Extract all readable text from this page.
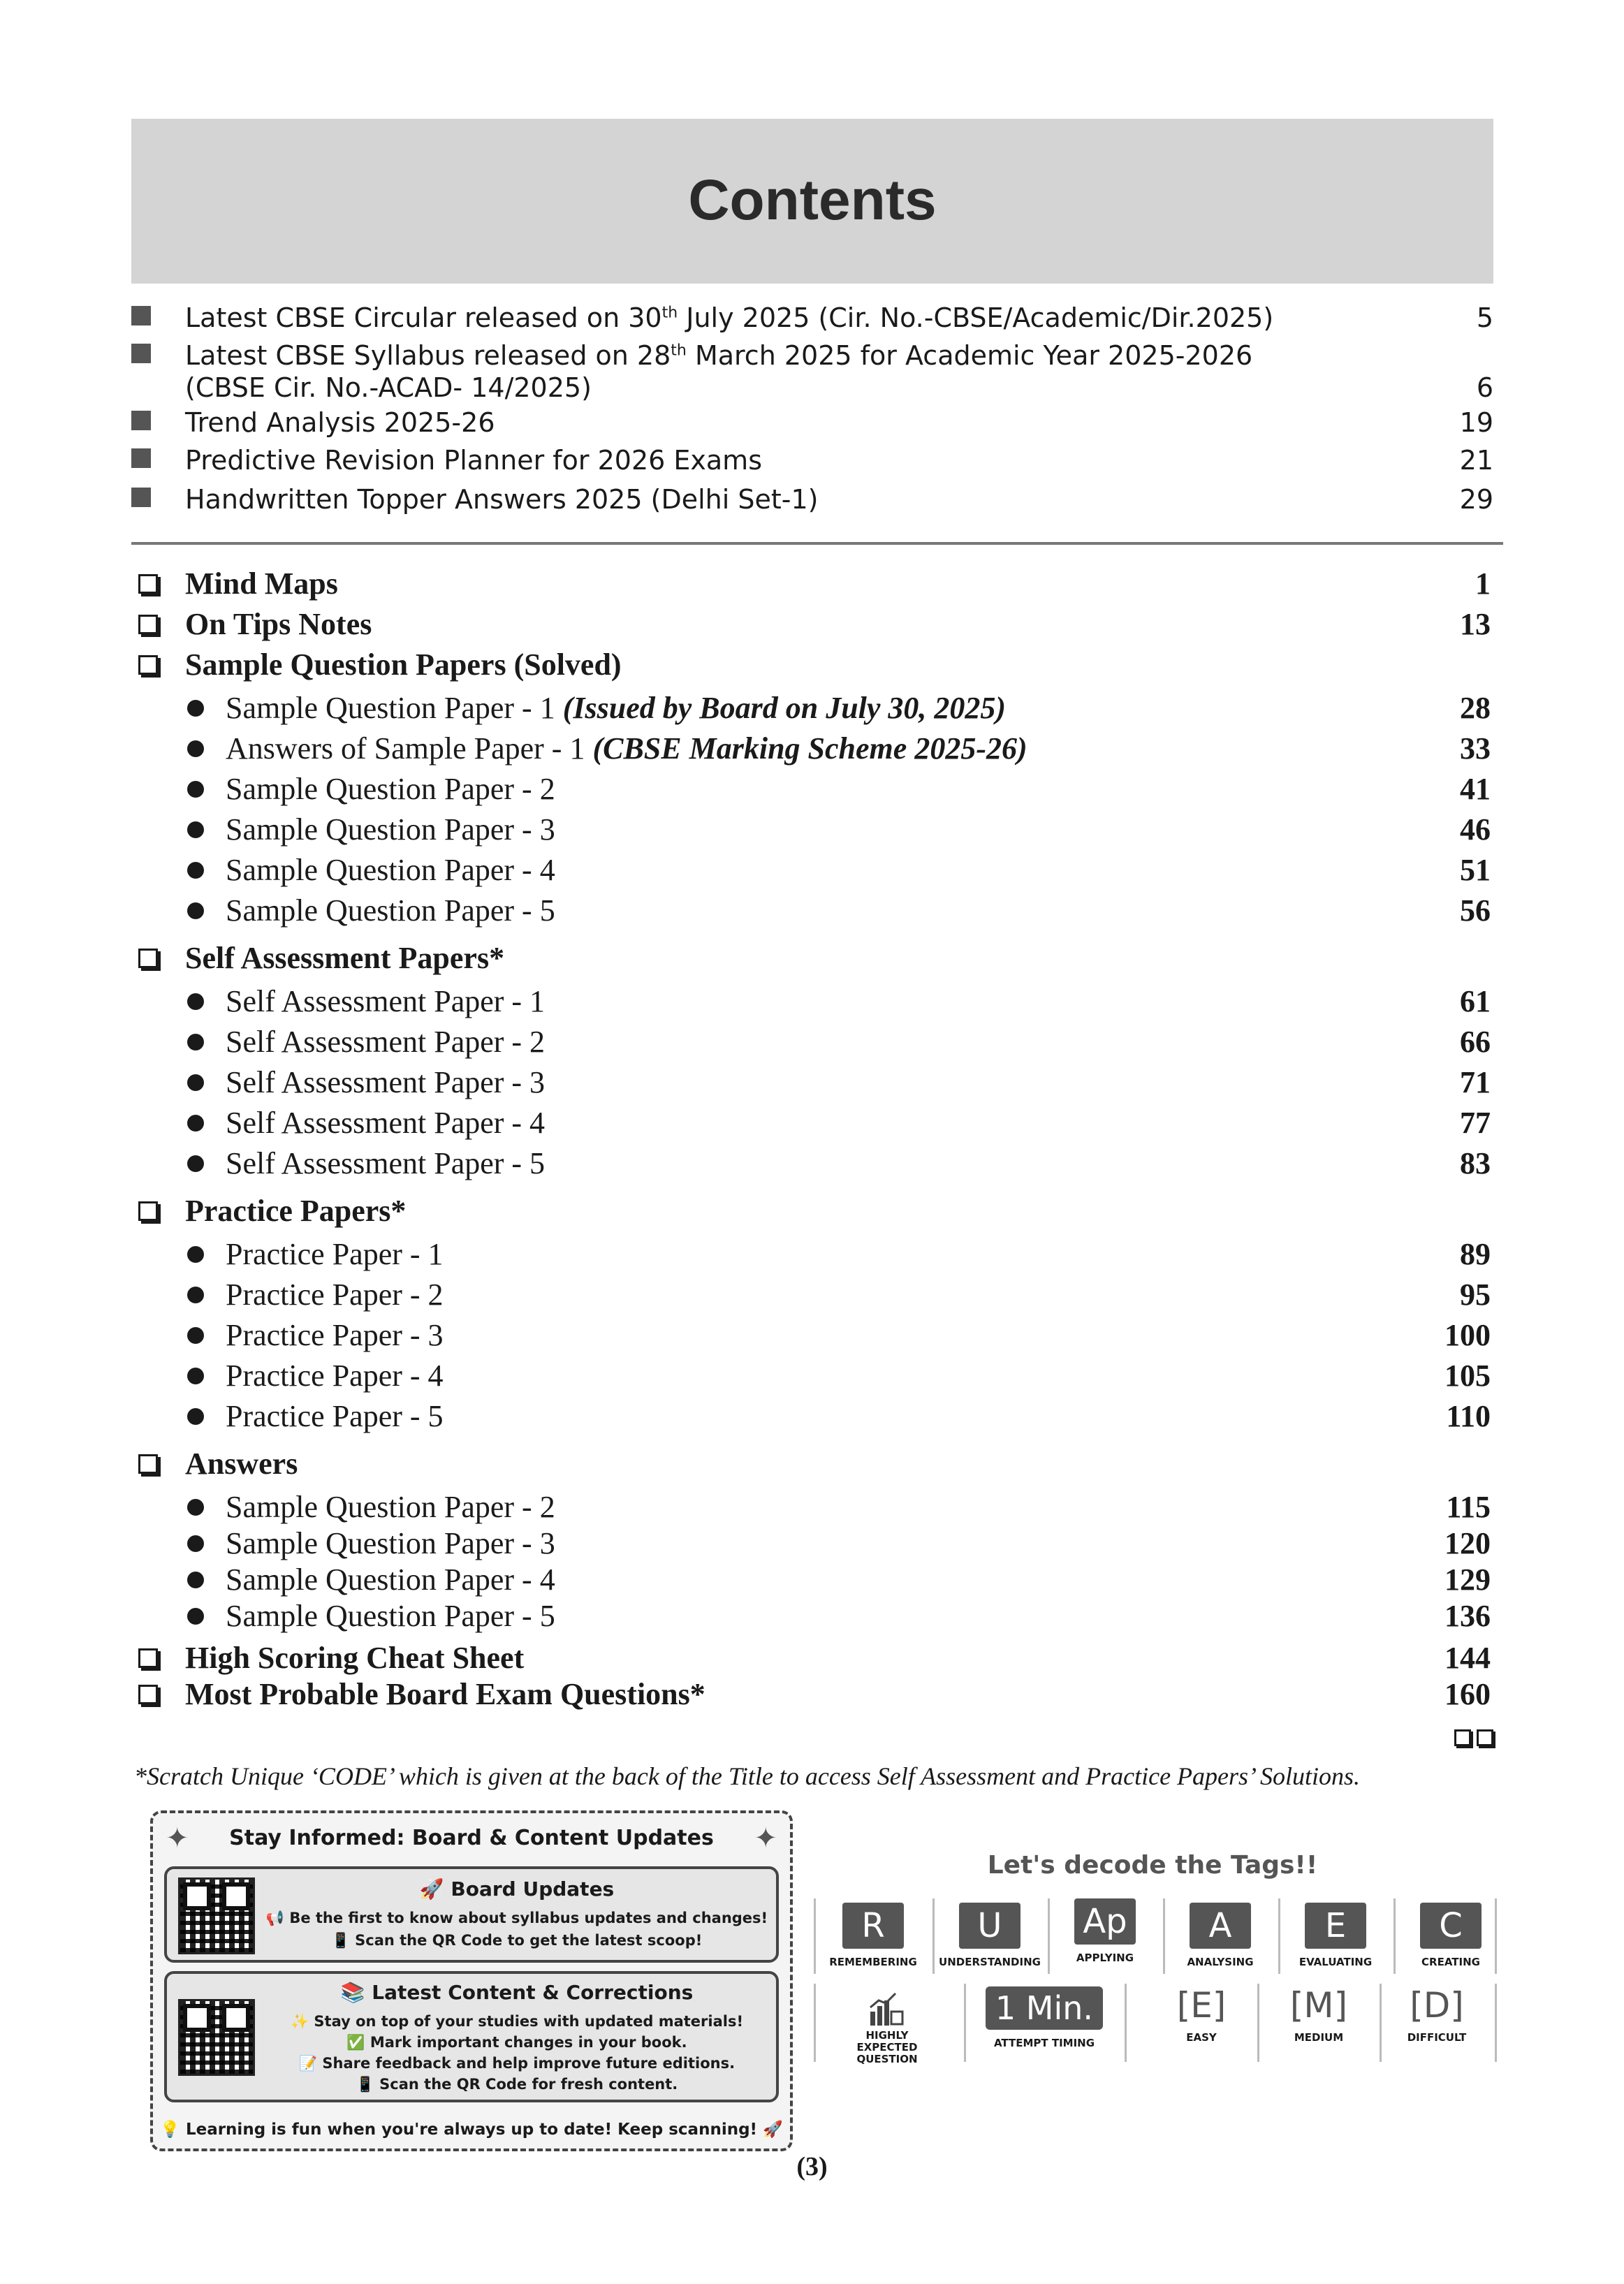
Contents
Latest CBSE Circular released on 30th July 2025 (Cir. No.-CBSE/Academic/Dir.2025)	5
Latest CBSE Syllabus released on 28th March 2025 for Academic Year 2025-2026
(CBSE Cir. No.-ACAD- 14/2025)	6
Trend Analysis 2025-26	19
Predictive Revision Planner for 2026 Exams	21
Handwritten Topper Answers 2025 (Delhi Set-1)	29
Mind Maps	1
On Tips Notes	13
Sample Question Papers (Solved)
Sample Question Paper - 1 (Issued by Board on July 30, 2025)	28
Answers of Sample Paper - 1 (CBSE Marking Scheme 2025-26)	33
Sample Question Paper - 2	41
Sample Question Paper - 3	46
Sample Question Paper - 4	51
Sample Question Paper - 5	56
Self Assessment Papers*
Self Assessment Paper - 1	61
Self Assessment Paper - 2	66
Self Assessment Paper - 3	71
Self Assessment Paper - 4	77
Self Assessment Paper - 5	83
Practice Papers*
Practice Paper - 1	89
Practice Paper - 2	95
Practice Paper - 3	100
Practice Paper - 4	105
Practice Paper - 5	110
Answers
Sample Question Paper - 2	115
Sample Question Paper - 3	120
Sample Question Paper - 4	129
Sample Question Paper - 5	136
High Scoring Cheat Sheet	144
Most Probable Board Exam Questions*	160
*Scratch Unique ‘CODE’ which is given at the back of the Title to access Self Assessment and Practice Papers’ Solutions.
✦	Stay Informed: Board & Content Updates	✦
🚀 Board Updates
📢 Be the first to know about syllabus updates and changes!
📱 Scan the QR Code to get the latest scoop!
📚 Latest Content & Corrections
✨ Stay on top of your studies with updated materials!
✅ Mark important changes in your book.
📝 Share feedback and help improve future editions.
📱 Scan the QR Code for fresh content.
💡 Learning is fun when you're always up to date! Keep scanning! 🚀
Let's decode the Tags!!
R
REMEMBERING
U
UNDERSTANDING
Ap
APPLYING
A
ANALYSING
E
EVALUATING
C
CREATING
HIGHLY EXPECTED QUESTION
1 Min.
ATTEMPT TIMING
[E]
EASY
[M]
MEDIUM
[D]
DIFFICULT
(3)
